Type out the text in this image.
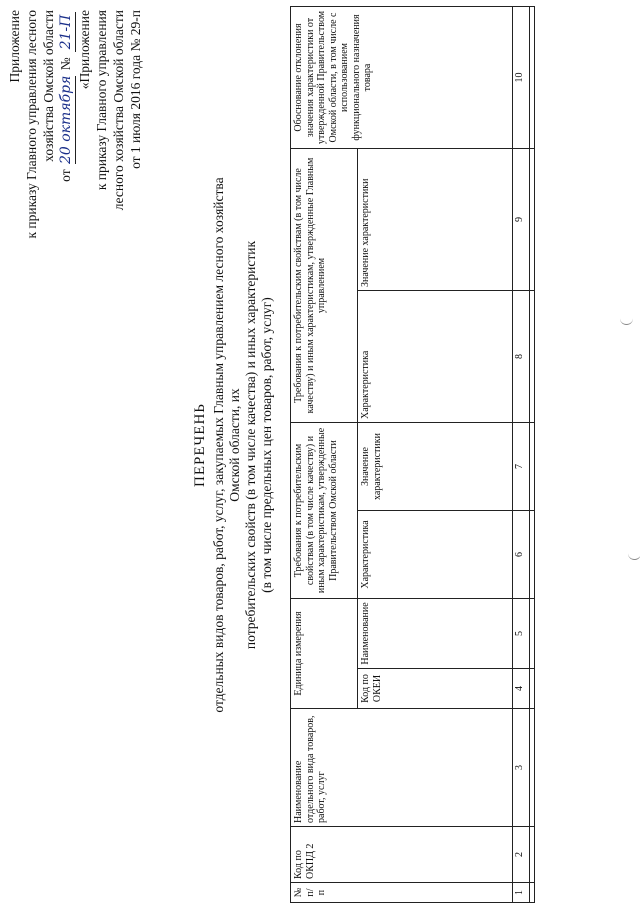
Приложение к приказу Главного управления лесного хозяйства Омской области
от 20 октября № 21-П «Приложение к приказу Главного управления лесного хозяйства Омской области от 1 июля 2016 года № 29-п
ПЕРЕЧЕНЬ отдельных видов товаров, работ, услуг, закупаемых Главным управлением лесного хозяйства Омской области, их потребительских свойств (в том числе качества) и иных характеристик (в том числе предельных цен товаров, работ, услуг)
№ п/п	Код по ОКПД 2	Наименование отдельного вида товаров, работ, услуг	Единица измерения		Требования к потребительским свойствам (в том числе качеству) и иным характеристикам, утвержденные Правительством Омской области		Требования к потребительским свойствам (в том числе качеству) и иным характеристикам, утвержденные Главным управлением		Обоснование отклонения значения характеристики от утвержденной Правительством Омской области, в том числе с использованием функционального назначения товара
			Код по ОКЕИ	Наименование	Характеристика	Значение характеристики	Характеристика	Значение характеристики	
1	2	3	4	5	6	7	8	9	10
